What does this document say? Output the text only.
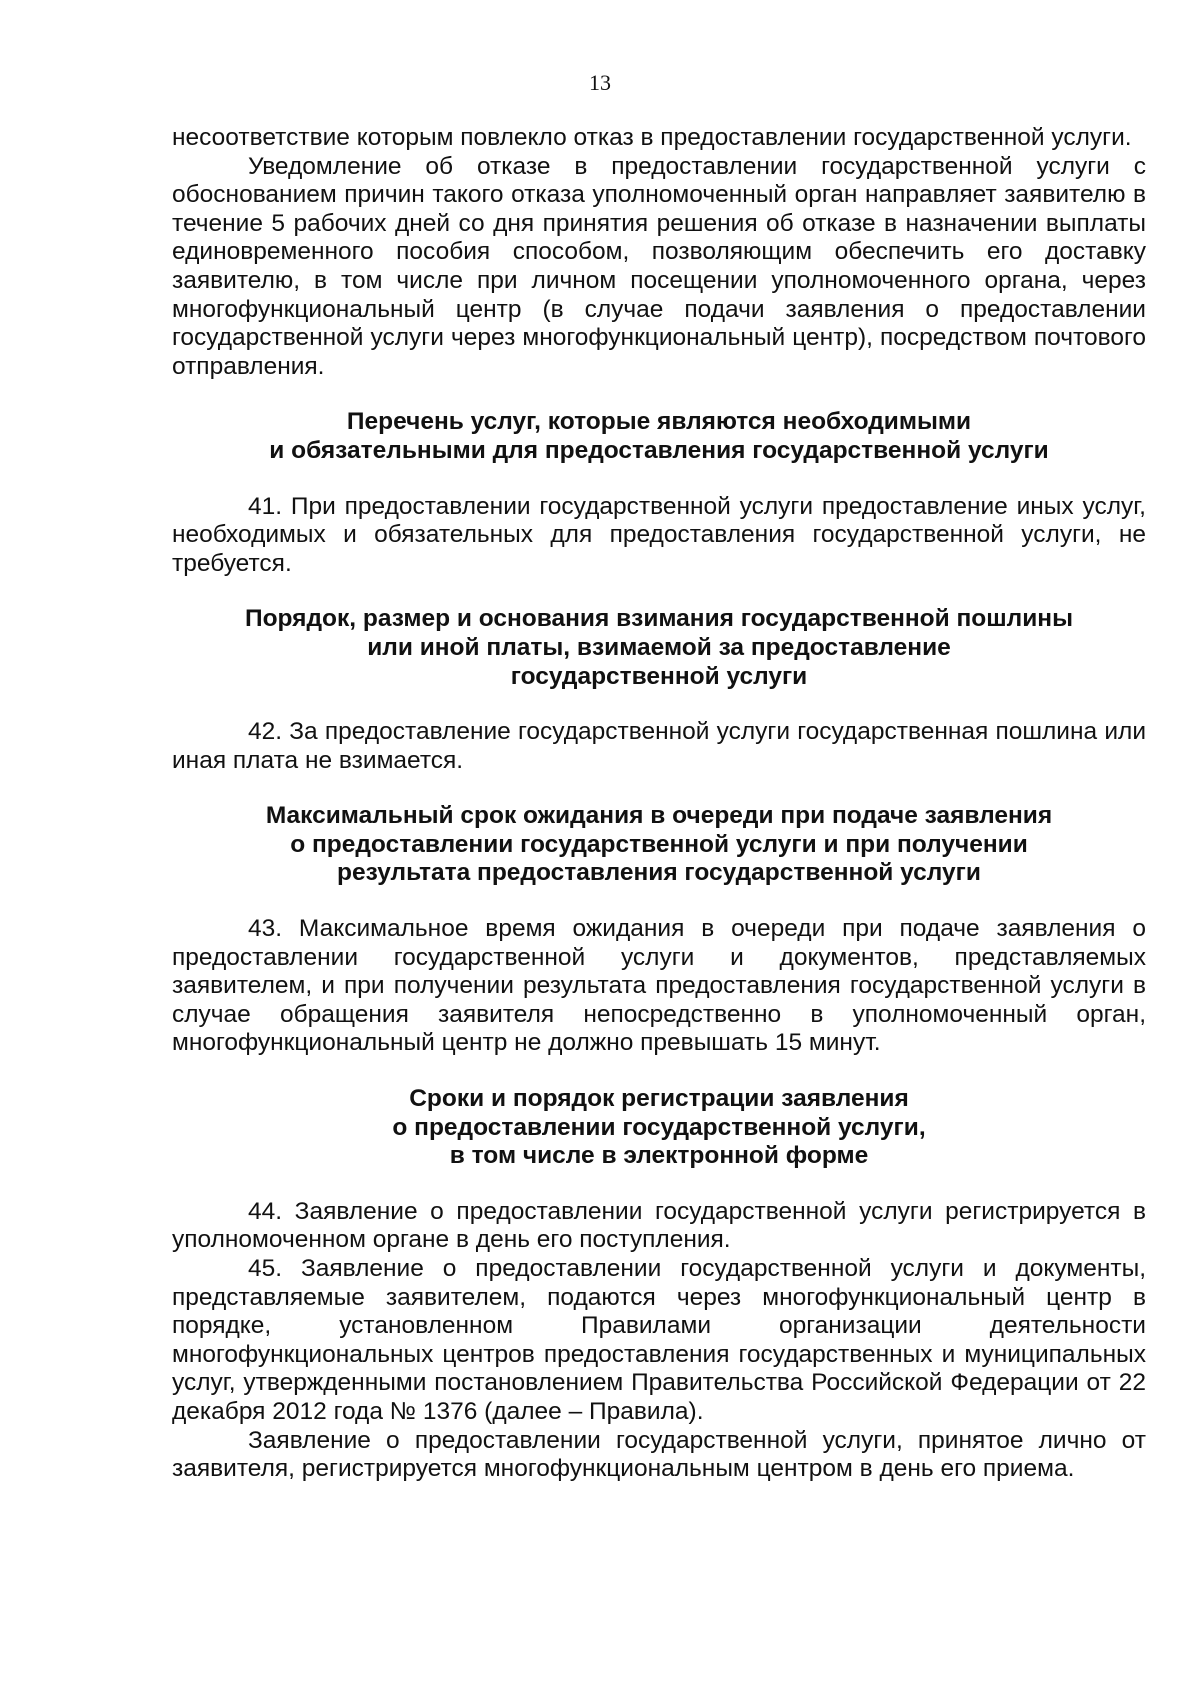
13

несоответствие которым повлекло отказ в предоставлении государственной услуги.

Уведомление об отказе в предоставлении государственной услуги с обоснованием причин такого отказа уполномоченный орган направляет заявителю в течение 5 рабочих дней со дня принятия решения об отказе в назначении выплаты единовременного пособия способом, позволяющим обеспечить его доставку заявителю, в том числе при личном посещении уполномоченного органа, через многофункциональный центр (в случае подачи заявления о предоставлении государственной услуги через многофункциональный центр), посредством почтового отправления.

Перечень услуг, которые являются необходимыми
и обязательными для предоставления государственной услуги

41. При предоставлении государственной услуги предоставление иных услуг, необходимых и обязательных для предоставления государственной услуги, не требуется.

Порядок, размер и основания взимания государственной пошлины
или иной платы, взимаемой за предоставление
государственной услуги

42. За предоставление государственной услуги государственная пошлина или иная плата не взимается.

Максимальный срок ожидания в очереди при подаче заявления
о предоставлении государственной услуги и при получении
результата предоставления государственной услуги

43. Максимальное время ожидания в очереди при подаче заявления о предоставлении государственной услуги и документов, представляемых заявителем, и при получении результата предоставления государственной услуги в случае обращения заявителя непосредственно в уполномоченный орган, многофункциональный центр не должно превышать 15 минут.

Сроки и порядок регистрации заявления
о предоставлении государственной услуги,
в том числе в электронной форме

44. Заявление о предоставлении государственной услуги регистрируется в уполномоченном органе в день его поступления.

45. Заявление о предоставлении государственной услуги и документы, представляемые заявителем, подаются через многофункциональный центр в порядке, установленном Правилами организации деятельности многофункциональных центров предоставления государственных и муниципальных услуг, утвержденными постановлением Правительства Российской Федерации от 22 декабря 2012 года № 1376 (далее – Правила).

Заявление о предоставлении государственной услуги, принятое лично от заявителя, регистрируется многофункциональным центром в день его приема.
